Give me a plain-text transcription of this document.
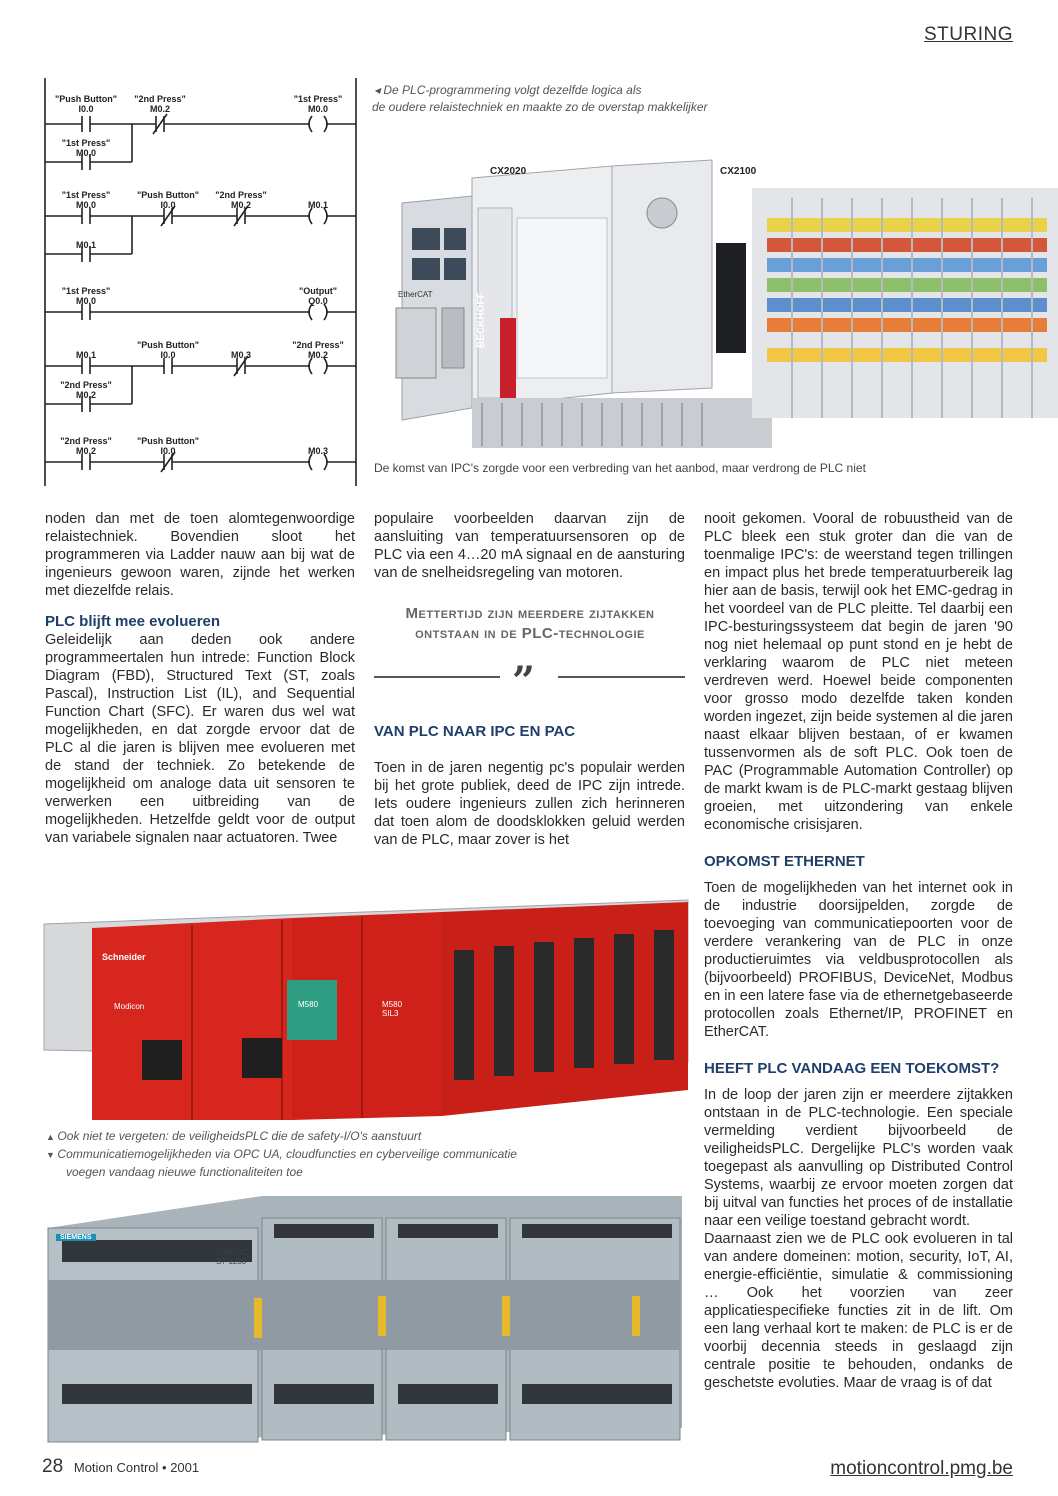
STURING
"Push Button"
I0.0
"2nd Press"
M0.2
"1st Press"
M0.0
"1st Press"
M0.0
"1st Press"
M0.0
"Push Button"
I0.0
"2nd Press"
M0.2	M0.1
M0.1
"1st Press"
M0.0
"Output"
Q0.0
M0.1
"Push Button"
I0.0	M0.3
"2nd Press"
M0.2
"2nd Press"
M0.2
"2nd Press"
M0.2
"Push Button"
I0.0	M0.3
◂ De PLC-programmering volgt dezelfde logica als
de oudere relaistechniek en maakte zo de overstap makkelijker
CX2020	CX2100
BECKHOFF
EtherCAT
De komst van IPC's zorgde voor een verbreding van het aanbod, maar verdrong de PLC niet

noden dan met de toen alomtegenwoordige relaistechniek. Bovendien sloot het programmeren via Ladder nauw aan bij wat de ingenieurs gewoon waren, zijnde het werken met diezelfde relais.

PLC blijft mee evolueren

Geleidelijk aan deden ook andere programmeertalen hun intrede: Function Block Diagram (FBD), Structured Text (ST, zoals Pascal), Instruction List (IL), and Sequential Function Chart (SFC). Er waren dus wel wat mogelijkheden, en dat zorgde ervoor dat de PLC al die jaren is blijven mee evolueren met de stand der techniek. Zo betekende de mogelijkheid om analoge data uit sensoren te verwerken een uitbreiding van de mogelijkheden. Hetzelfde geldt voor de output van variabele signalen naar actuatoren. Twee

populaire voorbeelden daarvan zijn de aansluiting van temperatuursensoren op de PLC via een 4…20 mA signaal en de aansturing van de snelheidsregeling van motoren.

Mettertijd zijn meerdere zijtakken ontstaan in de PLC-technologie
”
VAN PLC NAAR IPC EN PAC

Toen in de jaren negentig pc's populair werden bij het grote publiek, deed de IPC zijn intrede. Iets oudere ingenieurs zullen zich herinneren dat toen alom de doodsklokken geluid werden van de PLC, maar zover is het

nooit gekomen. Vooral de robuustheid van de PLC bleek een stuk groter dan die van de toenmalige IPC's: de weerstand tegen trillingen en impact plus het brede temperatuurbereik lag hier aan de basis, terwijl ook het EMC-gedrag in het voordeel van de PLC pleitte. Tel daarbij een IPC-besturingssysteem dat begin de jaren '90 nog niet helemaal op punt stond en je hebt de verklaring waarom de PLC niet meteen verdreven werd. Hoewel beide componenten voor grosso modo dezelfde taken konden worden ingezet, zijn beide systemen al die jaren naast elkaar blijven bestaan, of er kwamen tussenvormen als de soft PLC. Ook toen de PAC (Programmable Automation Controller) op de markt kwam is de PLC-markt gestaag blijven groeien, met uitzondering van enkele economische crisisjaren.

OPKOMST ETHERNET

Toen de mogelijkheden van het internet ook in de industrie doorsijpelden, zorgde de toevoeging van communicatiepoorten voor de verdere verankering van de PLC in onze productieruimtes via veldbusprotocollen als (bijvoorbeeld) PROFIBUS, DeviceNet, Modbus en in een latere fase via de ethernetgebaseerde protocollen zoals Ethernet/IP, PROFINET en EtherCAT.

HEEFT PLC VANDAAG EEN TOEKOMST?

In de loop der jaren zijn er meerdere zijtakken ontstaan in de PLC-technologie. Een speciale vermelding verdient bijvoorbeeld de veiligheidsPLC. Dergelijke PLC's worden vaak toegepast als aanvulling op Distributed Control Systems, waarbij ze ervoor moeten zorgen dat bij uitval van functies het proces of de installatie naar een veilige toestand gebracht wordt.

Daarnaast zien we de PLC ook evolueren in tal van andere domeinen: motion, security, IoT, AI, energie-efficiëntie, simulatie & commissioning … Ook het voorzien van zeer applicatiespecifieke functies zit in de lift. Om een lang verhaal kort te maken: de PLC is er de voorbij decennia steeds in geslaagd zijn centrale positie te behouden, ondanks de geschetste evoluties. Maar de vraag is of dat

Schneider
Modicon	M580	M580
SIL3
▲ Ook niet te vergeten: de veiligheidsPLC die de safety-I/O's aanstuurt
▼ Communicatiemogelijkheden via OPC UA, cloudfuncties en cyberveilige communicatie
voegen vandaag nieuwe functionaliteiten toe
SIEMENS
SIMATIC
S7-1200
28 Motion Control • 2001	motioncontrol.pmg.be
